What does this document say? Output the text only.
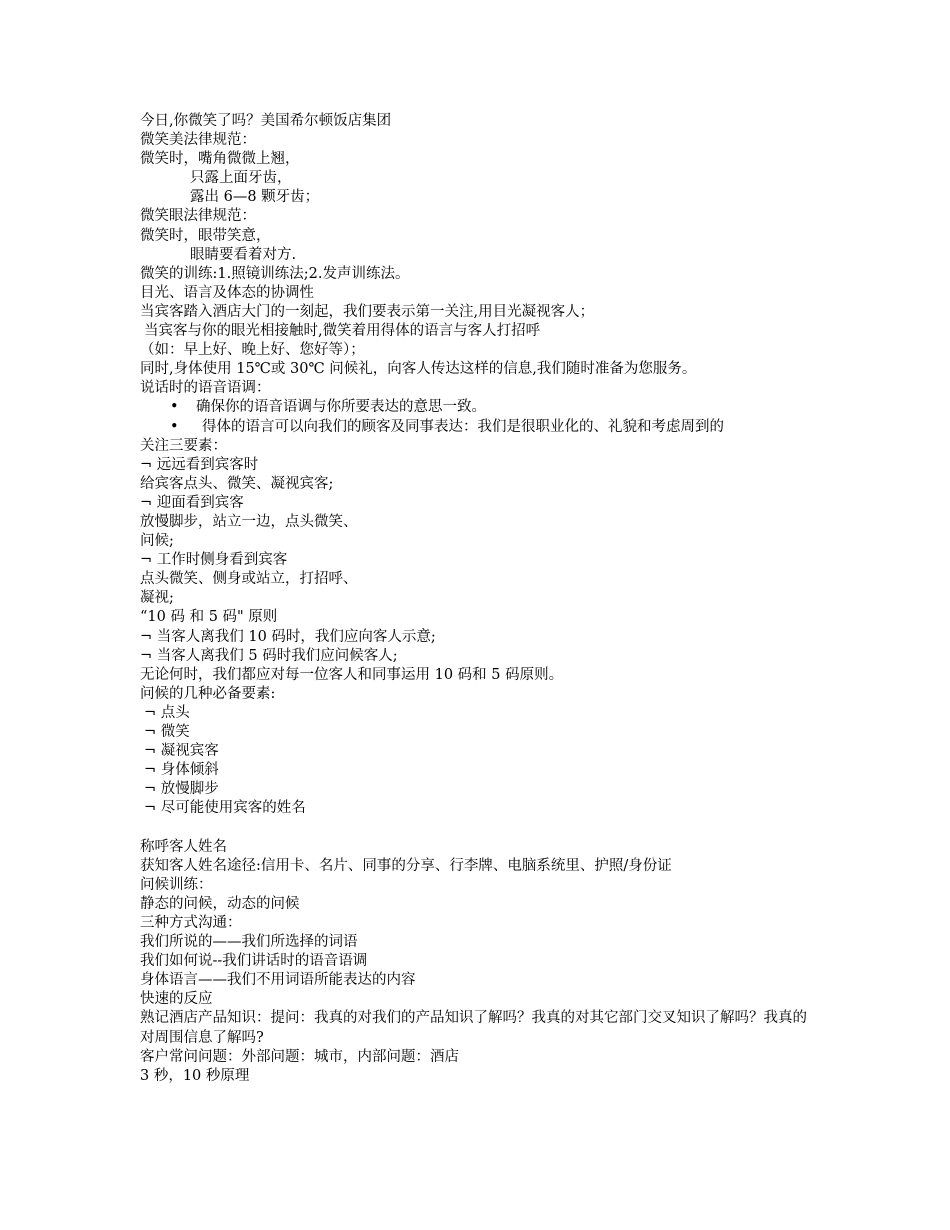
今日,你微笑了吗？美国希尔顿饭店集团
微笑美法律规范：
微笑时，嘴角微微上翘，
只露上面牙齿，
露出 6—8 颗牙齿；
微笑眼法律规范：
微笑时，眼带笑意，
眼睛要看着对方.
微笑的训练:1.照镜训练法;2.发声训练法。
目光、语言及体态的协调性
当宾客踏入酒店大门的一刻起，我们要表示第一关注,用目光凝视客人；
当宾客与你的眼光相接触时,微笑着用得体的语言与客人打招呼
（如：早上好、晚上好、您好等）；
同时,身体使用 15℃或 30℃ 问候礼，向客人传达这样的信息,我们随时准备为您服务。
说话时的语音语调：
•	确保你的语音语调与你所要表达的意思一致。
•	得体的语言可以向我们的顾客及同事表达：我们是很职业化的、礼貌和考虑周到的
关注三要素：
¬ 远远看到宾客时
给宾客点头、微笑、凝视宾客;
¬ 迎面看到宾客
放慢脚步，站立一边，点头微笑、
问候;
¬ 工作时侧身看到宾客
点头微笑、侧身或站立，打招呼、
凝视;
“10 码 和 5 码" 原则
¬ 当客人离我们 10 码时，我们应向客人示意;
¬ 当客人离我们 5 码时我们应问候客人;
无论何时，我们都应对每一位客人和同事运用 10 码和 5 码原则。
问候的几种必备要素:
¬ 点头
¬ 微笑
¬ 凝视宾客
¬ 身体倾斜
¬ 放慢脚步
¬ 尽可能使用宾客的姓名
称呼客人姓名
获知客人姓名途径:信用卡、名片、同事的分享、行李牌、电脑系统里、护照/身份证
问候训练：
静态的问候，动态的问候
三种方式沟通：
我们所说的——我们所选择的词语
我们如何说--我们讲话时的语音语调
身体语言——我们不用词语所能表达的内容
快速的反应
熟记酒店产品知识：提问：我真的对我们的产品知识了解吗？我真的对其它部门交叉知识了解吗？我真的对周围信息了解吗?
客户常问问题：外部问题：城市，内部问题：酒店
3 秒，10 秒原理
